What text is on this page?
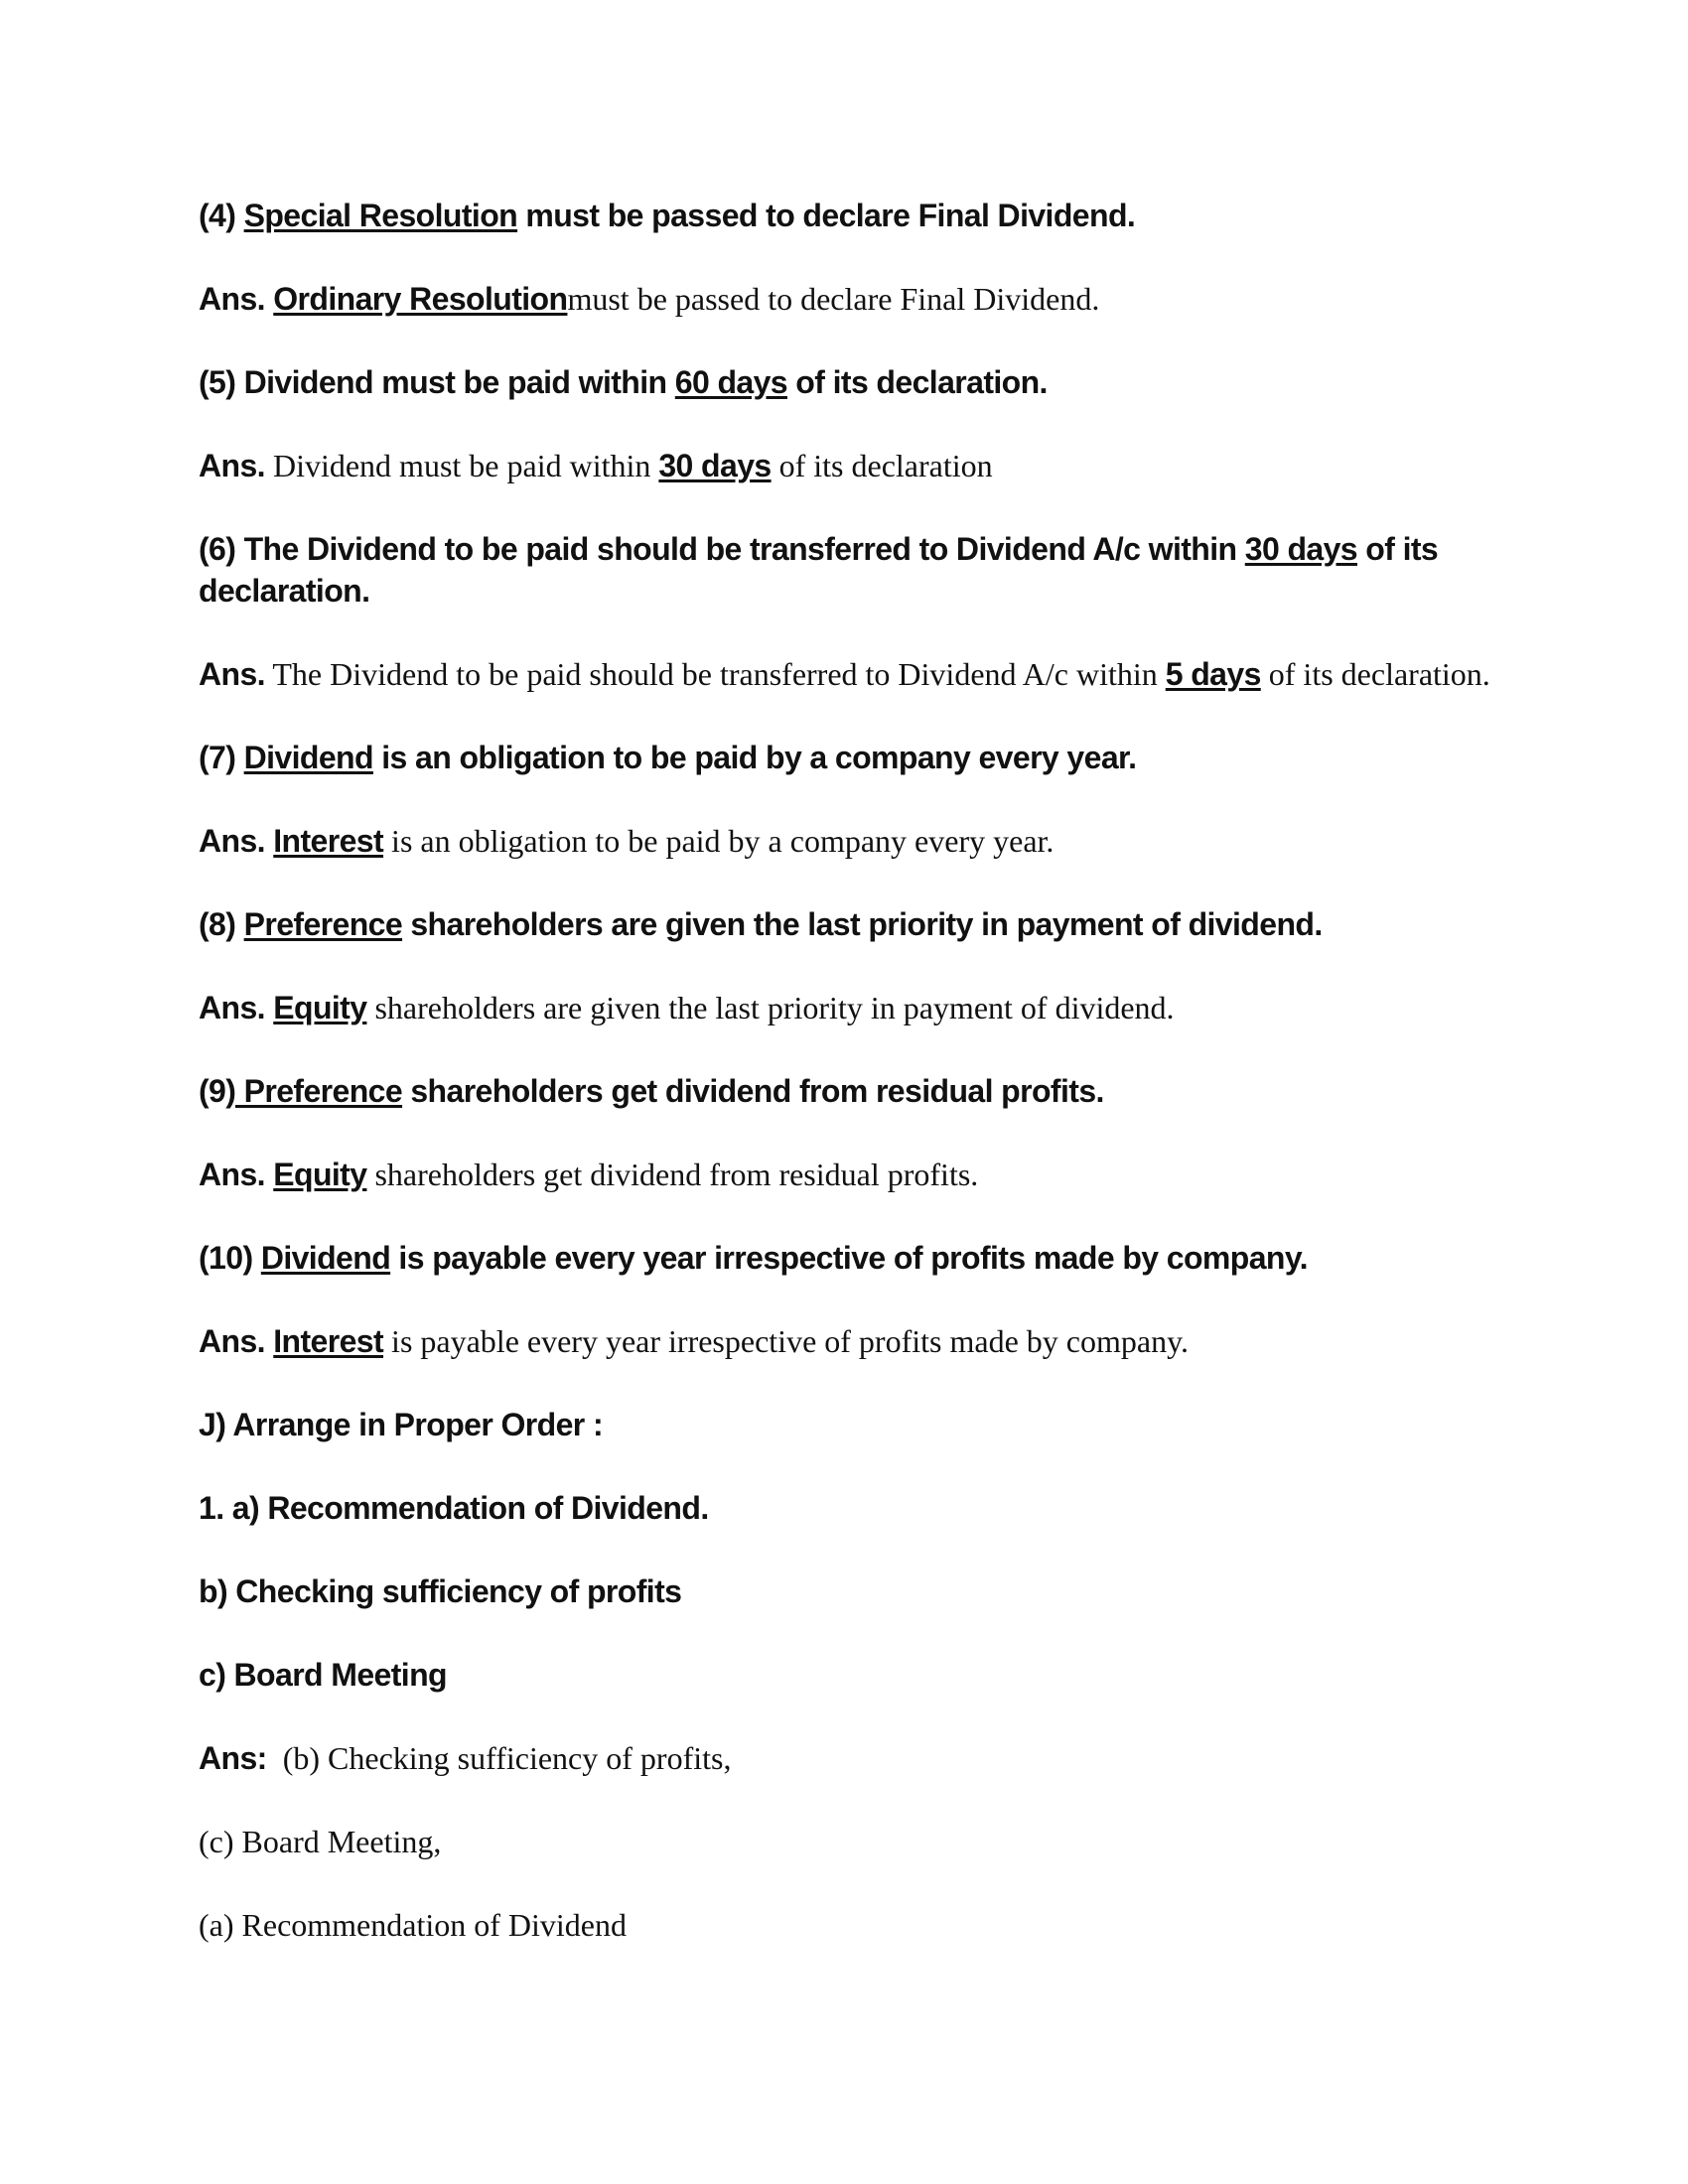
(4) Special Resolution must be passed to declare Final Dividend.

Ans. Ordinary Resolutionmust be passed to declare Final Dividend.

(5) Dividend must be paid within 60 days of its declaration.

Ans. Dividend must be paid within 30 days of its declaration

(6) The Dividend to be paid should be transferred to Dividend A/c within 30 days of its declaration.

Ans. The Dividend to be paid should be transferred to Dividend A/c within 5 days of its declaration.

(7) Dividend is an obligation to be paid by a company every year.

Ans. Interest is an obligation to be paid by a company every year.

(8) Preference shareholders are given the last priority in payment of dividend.

Ans. Equity shareholders are given the last priority in payment of dividend.

(9) Preference shareholders get dividend from residual profits.

Ans. Equity shareholders get dividend from residual profits.

(10) Dividend is payable every year irrespective of profits made by company.

Ans. Interest is payable every year irrespective of profits made by company.

J) Arrange in Proper Order :

1. a) Recommendation of Dividend.

b) Checking sufficiency of profits

c) Board Meeting

Ans: (b) Checking sufficiency of profits,

(c) Board Meeting,

(a) Recommendation of Dividend
